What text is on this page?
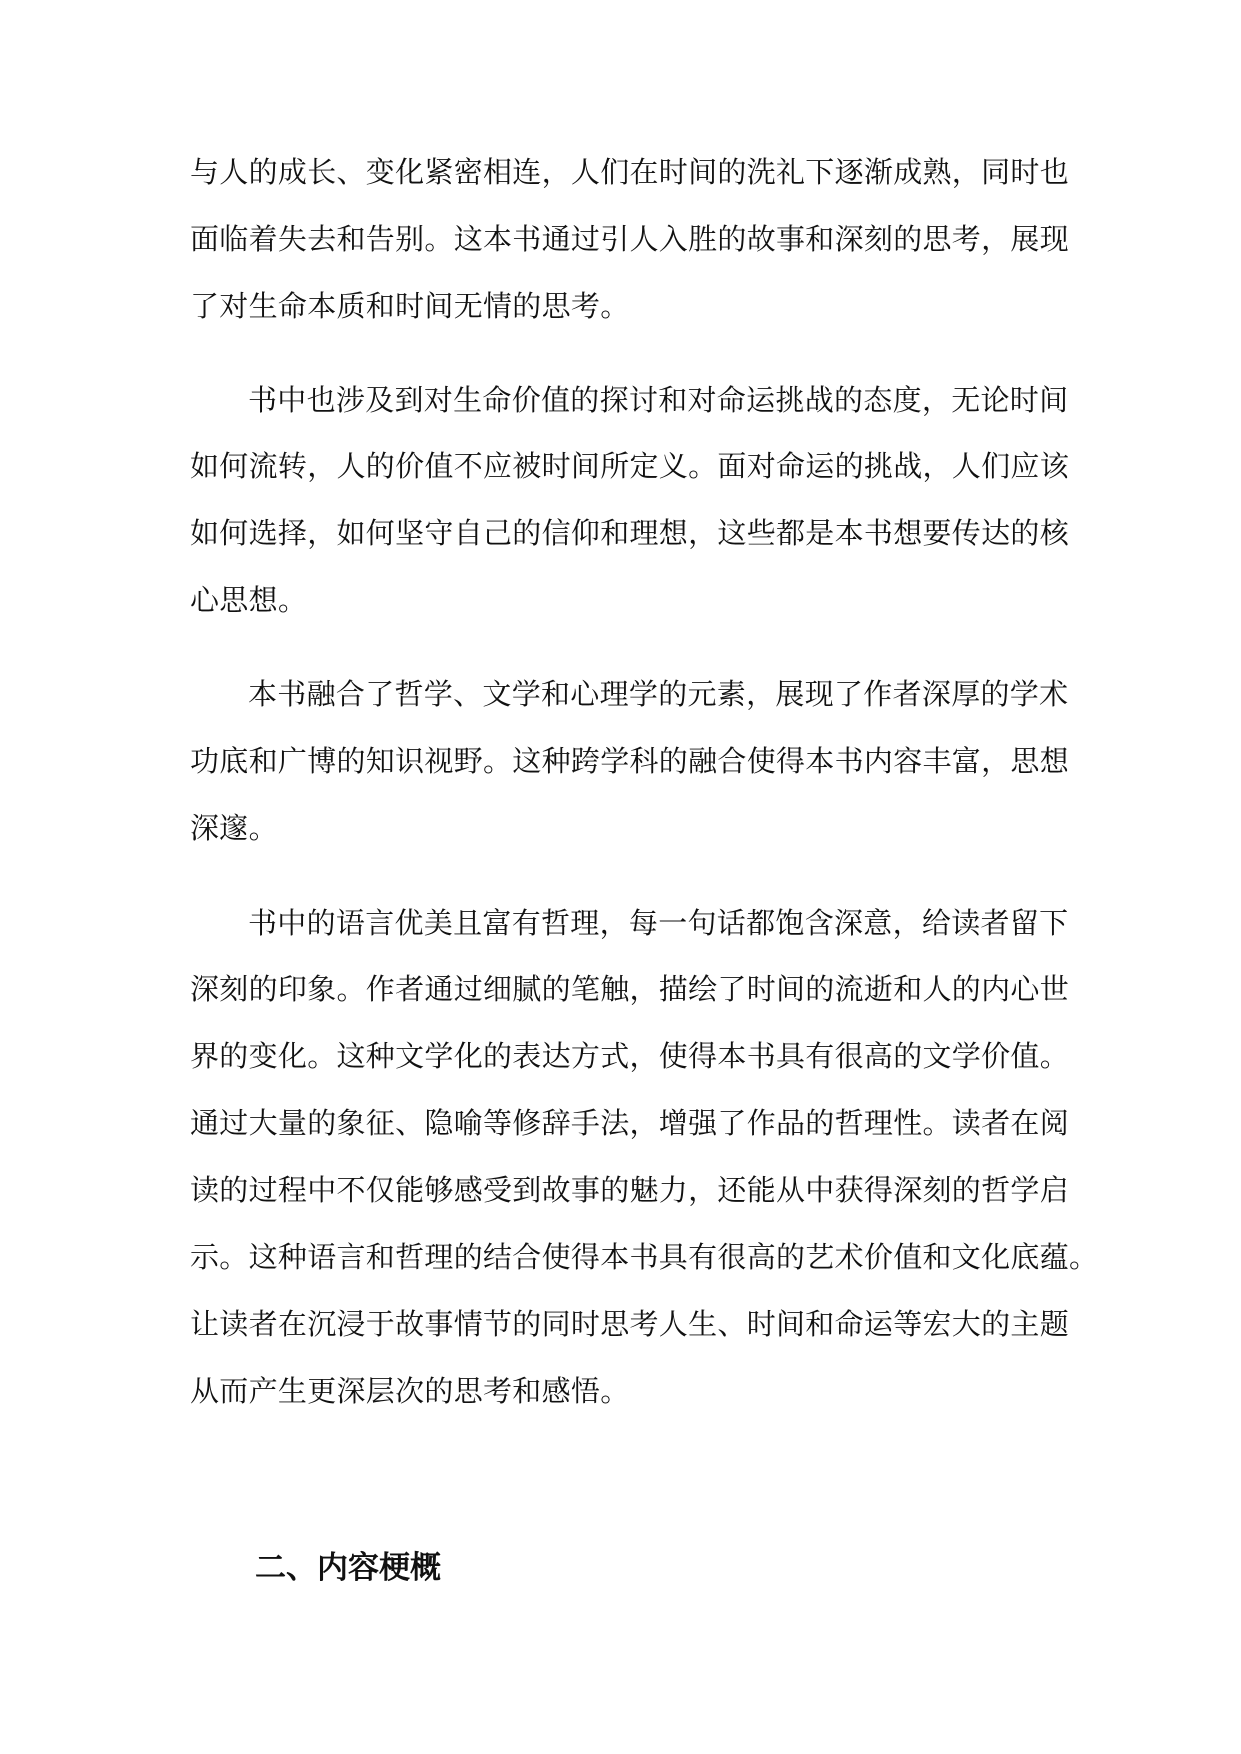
与人的成长、变化紧密相连，人们在时间的洗礼下逐渐成熟，同时也
面临着失去和告别。这本书通过引人入胜的故事和深刻的思考，展现
了对生命本质和时间无情的思考。
书中也涉及到对生命价值的探讨和对命运挑战的态度，无论时间
如何流转，人的价值不应被时间所定义。面对命运的挑战，人们应该
如何选择，如何坚守自己的信仰和理想，这些都是本书想要传达的核
心思想。
本书融合了哲学、文学和心理学的元素，展现了作者深厚的学术
功底和广博的知识视野。这种跨学科的融合使得本书内容丰富，思想
深邃。
书中的语言优美且富有哲理，每一句话都饱含深意，给读者留下
深刻的印象。作者通过细腻的笔触，描绘了时间的流逝和人的内心世
界的变化。这种文学化的表达方式，使得本书具有很高的文学价值。
通过大量的象征、隐喻等修辞手法，增强了作品的哲理性。读者在阅
读的过程中不仅能够感受到故事的魅力，还能从中获得深刻的哲学启
示。这种语言和哲理的结合使得本书具有很高的艺术价值和文化底蕴。
让读者在沉浸于故事情节的同时思考人生、时间和命运等宏大的主题
从而产生更深层次的思考和感悟。
二、内容梗概
